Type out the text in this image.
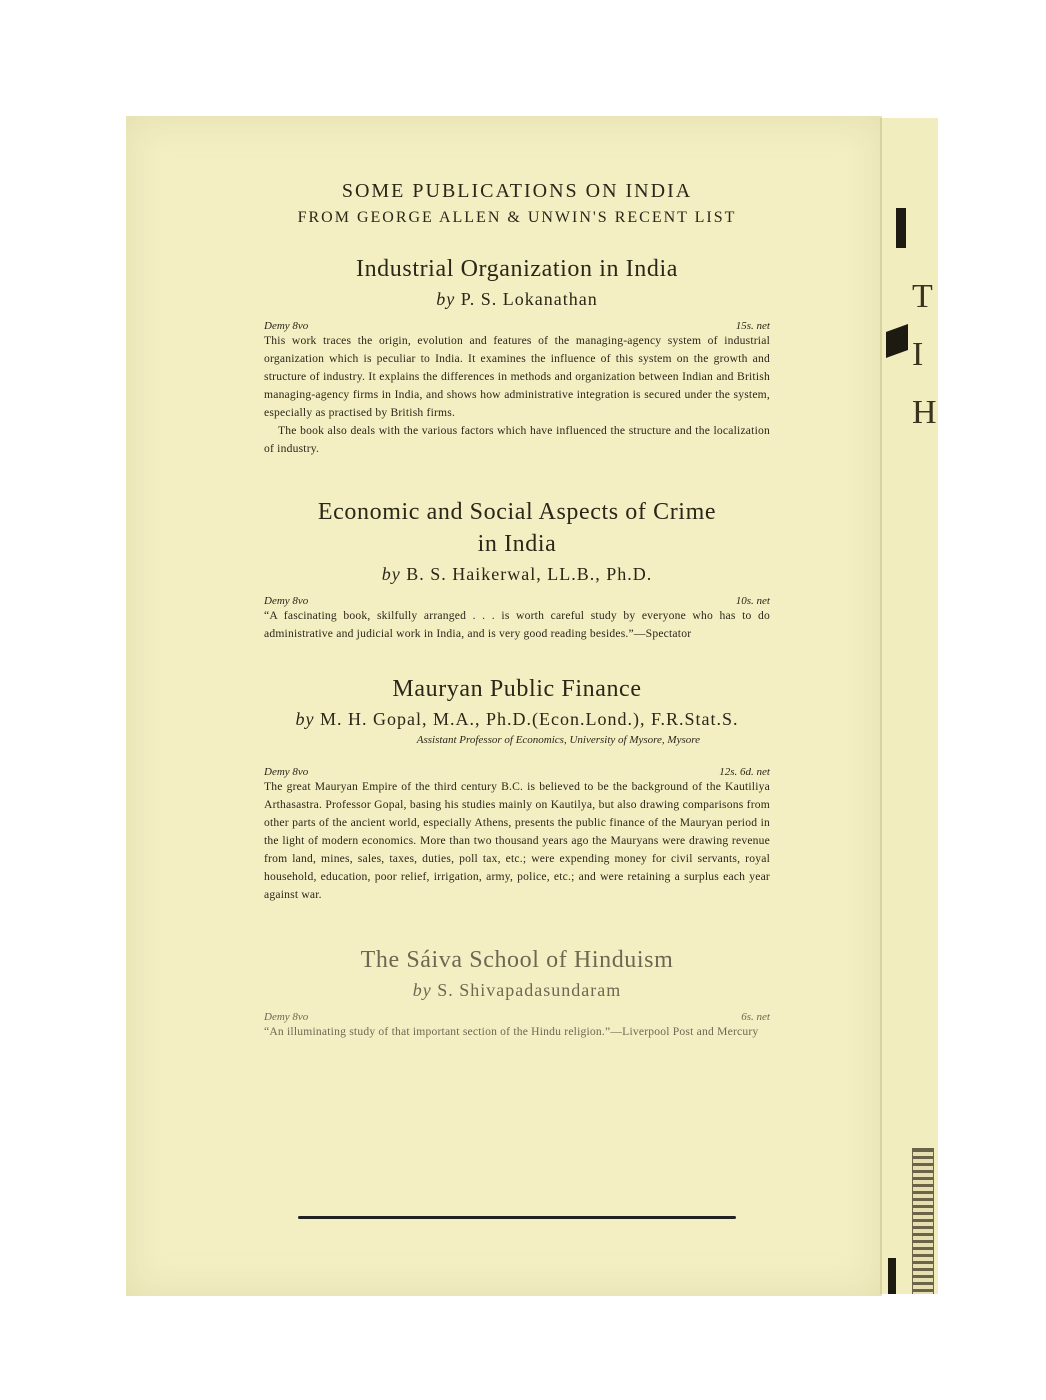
T
I
H
SOME PUBLICATIONS ON INDIA
FROM GEORGE ALLEN & UNWIN'S RECENT LIST
Industrial Organization in India
by P. S. Lokanathan
Demy 8vo	15s. net

This work traces the origin, evolution and features of the managing-agency system of industrial organization which is peculiar to India. It examines the influence of this system on the growth and structure of industry. It explains the differences in methods and organization between Indian and British managing-agency firms in India, and shows how administrative integration is secured under the system, especially as practised by British firms.

The book also deals with the various factors which have influenced the structure and the localization of industry.

Economic and Social Aspects of Crime
in India
by B. S. Haikerwal, LL.B., Ph.D.
Demy 8vo	10s. net

“A fascinating book, skilfully arranged . . . is worth careful study by everyone who has to do administrative and judicial work in India, and is very good reading besides.”—Spectator

Mauryan Public Finance
by M. H. Gopal, M.A., Ph.D.(Econ.Lond.), F.R.Stat.S.
Assistant Professor of Economics, University of Mysore, Mysore
Demy 8vo	12s. 6d. net

The great Mauryan Empire of the third century B.C. is believed to be the background of the Kautiliya Arthasastra. Professor Gopal, basing his studies mainly on Kautilya, but also drawing comparisons from other parts of the ancient world, especially Athens, presents the public finance of the Mauryan period in the light of modern economics. More than two thousand years ago the Mauryans were drawing revenue from land, mines, sales, taxes, duties, poll tax, etc.; were expending money for civil servants, royal household, education, poor relief, irrigation, army, police, etc.; and were retaining a surplus each year against war.

The Sáiva School of Hinduism
by S. Shivapadasundaram
Demy 8vo	6s. net

“An illuminating study of that important section of the Hindu religion.”—Liverpool Post and Mercury
